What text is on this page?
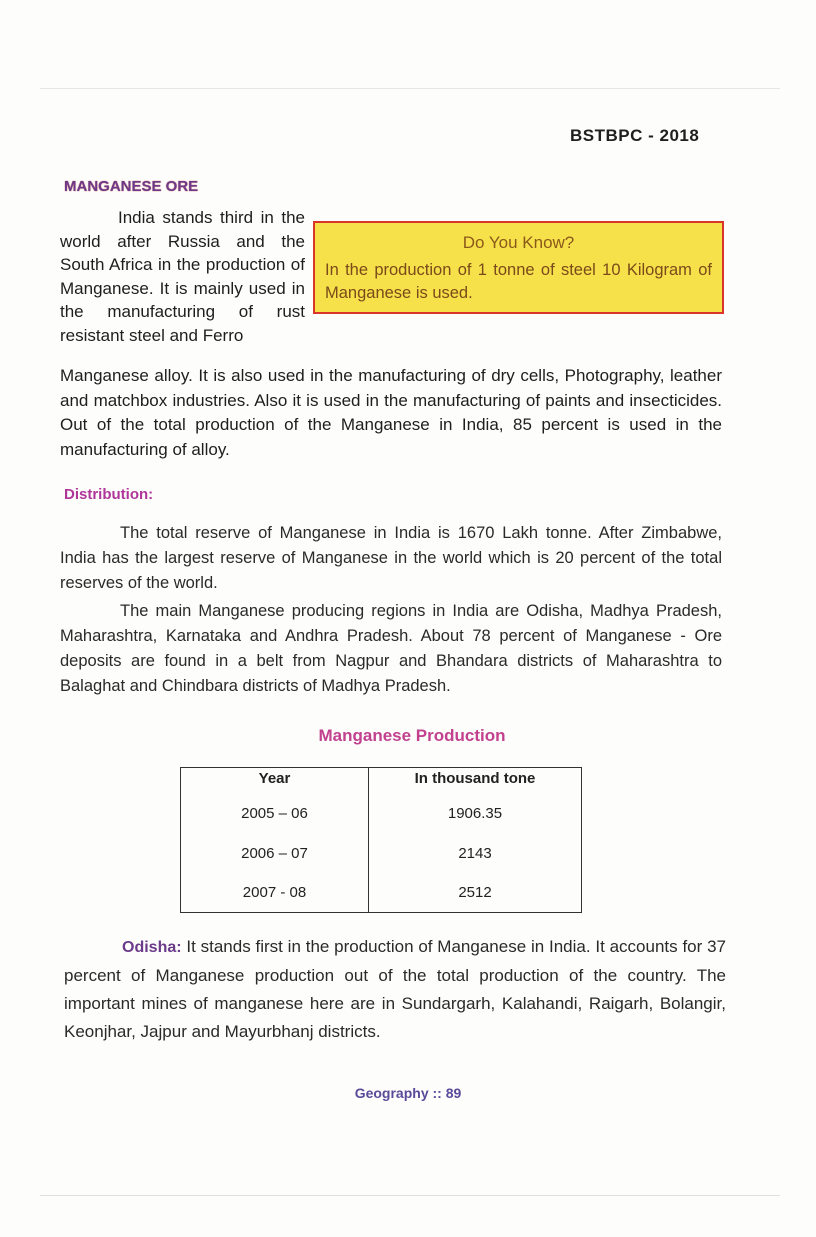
BSTBPC - 2018
MANGANESE ORE
India stands third in the world after Russia and the South Africa in the production of Manganese. It is mainly used in the manufacturing of rust resistant steel and Ferro
Do You Know?
In the production of 1 tonne of steel 10 Kilogram of Manganese is used.
Manganese alloy. It is also used in the manufacturing of dry cells, Photography, leather and matchbox industries. Also it is used in the manufacturing of paints and insecticides. Out of the total production of the Manganese in India, 85 percent is used in the manufacturing of alloy.
Distribution:

The total reserve of Manganese in India is 1670 Lakh tonne. After Zimbabwe, India has the largest reserve of Manganese in the world which is 20 percent of the total reserves of the world.

The main Manganese producing regions in India are Odisha, Madhya Pradesh, Maharashtra, Karnataka and Andhra Pradesh. About 78 percent of Manganese - Ore deposits are found in a belt from Nagpur and Bhandara districts of Maharashtra to Balaghat and Chindbara districts of Madhya Pradesh.

Manganese Production
Year	In thousand tone
2005 – 06	1906.35
2006 – 07	2143
2007 - 08	2512
Odisha: It stands first in the production of Manganese in India. It accounts for 37 percent of Manganese production out of the total production of the country. The important mines of manganese here are in Sundargarh, Kalahandi, Raigarh, Bolangir, Keonjhar, Jajpur and Mayurbhanj districts.
Geography :: 89
